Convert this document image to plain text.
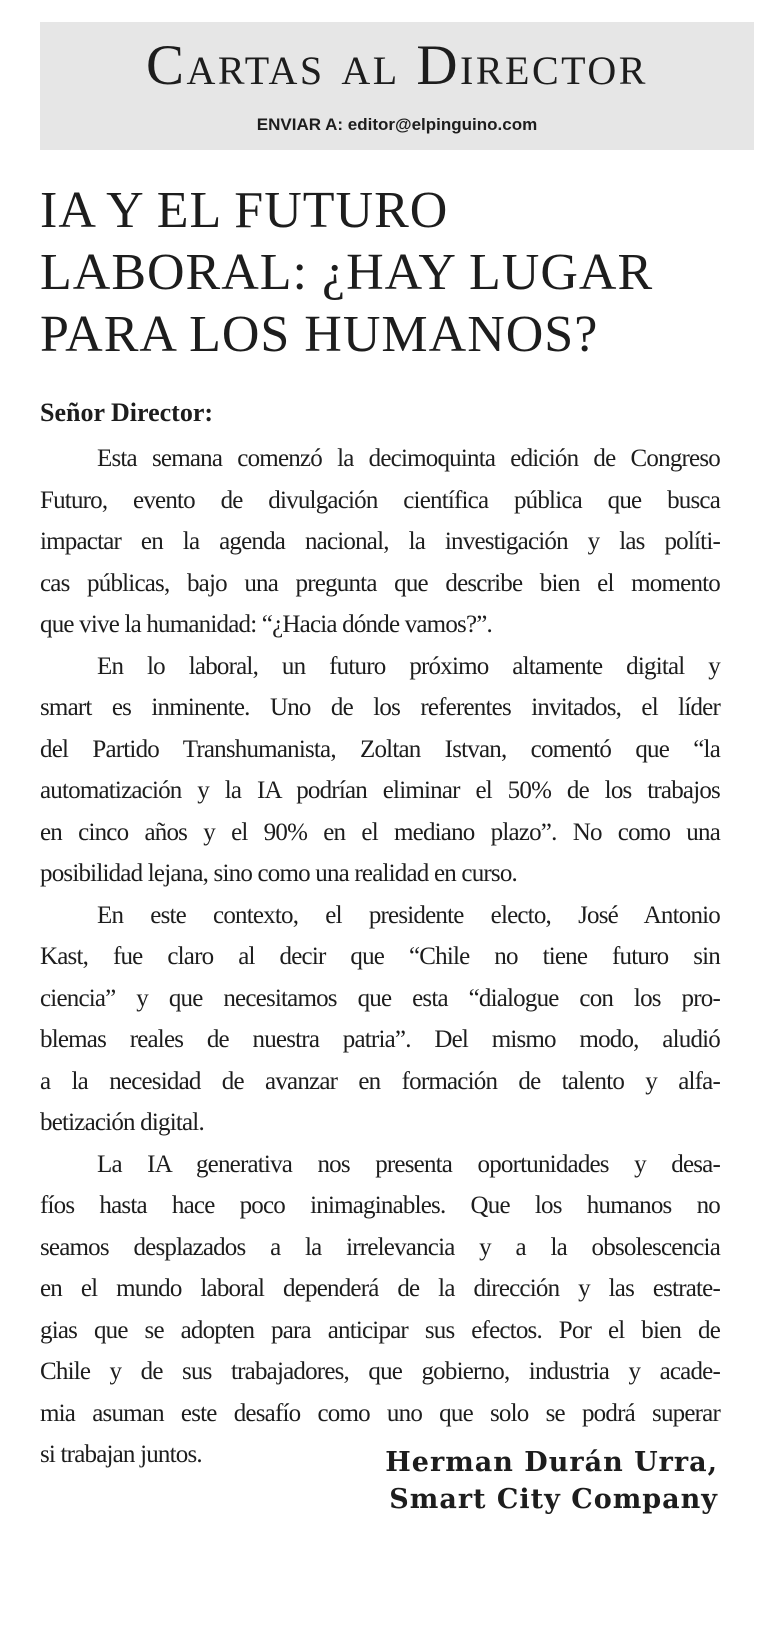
Cartas al Director
ENVIAR A: editor@elpinguino.com
IA Y EL FUTURO
LABORAL: ¿HAY LUGAR
PARA LOS HUMANOS?

Señor Director:

Esta semana comenzó la decimoquinta edición de Congreso
Futuro, evento de divulgación científica pública que busca
impactar en la agenda nacional, la investigación y las políti-
cas públicas, bajo una pregunta que describe bien el momento
que vive la humanidad: “¿Hacia dónde vamos?”.
En lo laboral, un futuro próximo altamente digital y
smart es inminente. Uno de los referentes invitados, el líder
del Partido Transhumanista, Zoltan Istvan, comentó que “la
automatización y la IA podrían eliminar el 50% de los trabajos
en cinco años y el 90% en el mediano plazo”. No como una
posibilidad lejana, sino como una realidad en curso.
En este contexto, el presidente electo, José Antonio
Kast, fue claro al decir que “Chile no tiene futuro sin
ciencia” y que necesitamos que esta “dialogue con los pro-
blemas reales de nuestra patria”. Del mismo modo, aludió
a la necesidad de avanzar en formación de talento y alfa-
betización digital.
La IA generativa nos presenta oportunidades y desa-
fíos hasta hace poco inimaginables. Que los humanos no
seamos desplazados a la irrelevancia y a la obsolescencia
en el mundo laboral dependerá de la dirección y las estrate-
gias que se adopten para anticipar sus efectos. Por el bien de
Chile y de sus trabajadores, que gobierno, industria y acade-
mia asuman este desafío como uno que solo se podrá superar
si trabajan juntos.	Herman Durán Urra,
Smart City Company
